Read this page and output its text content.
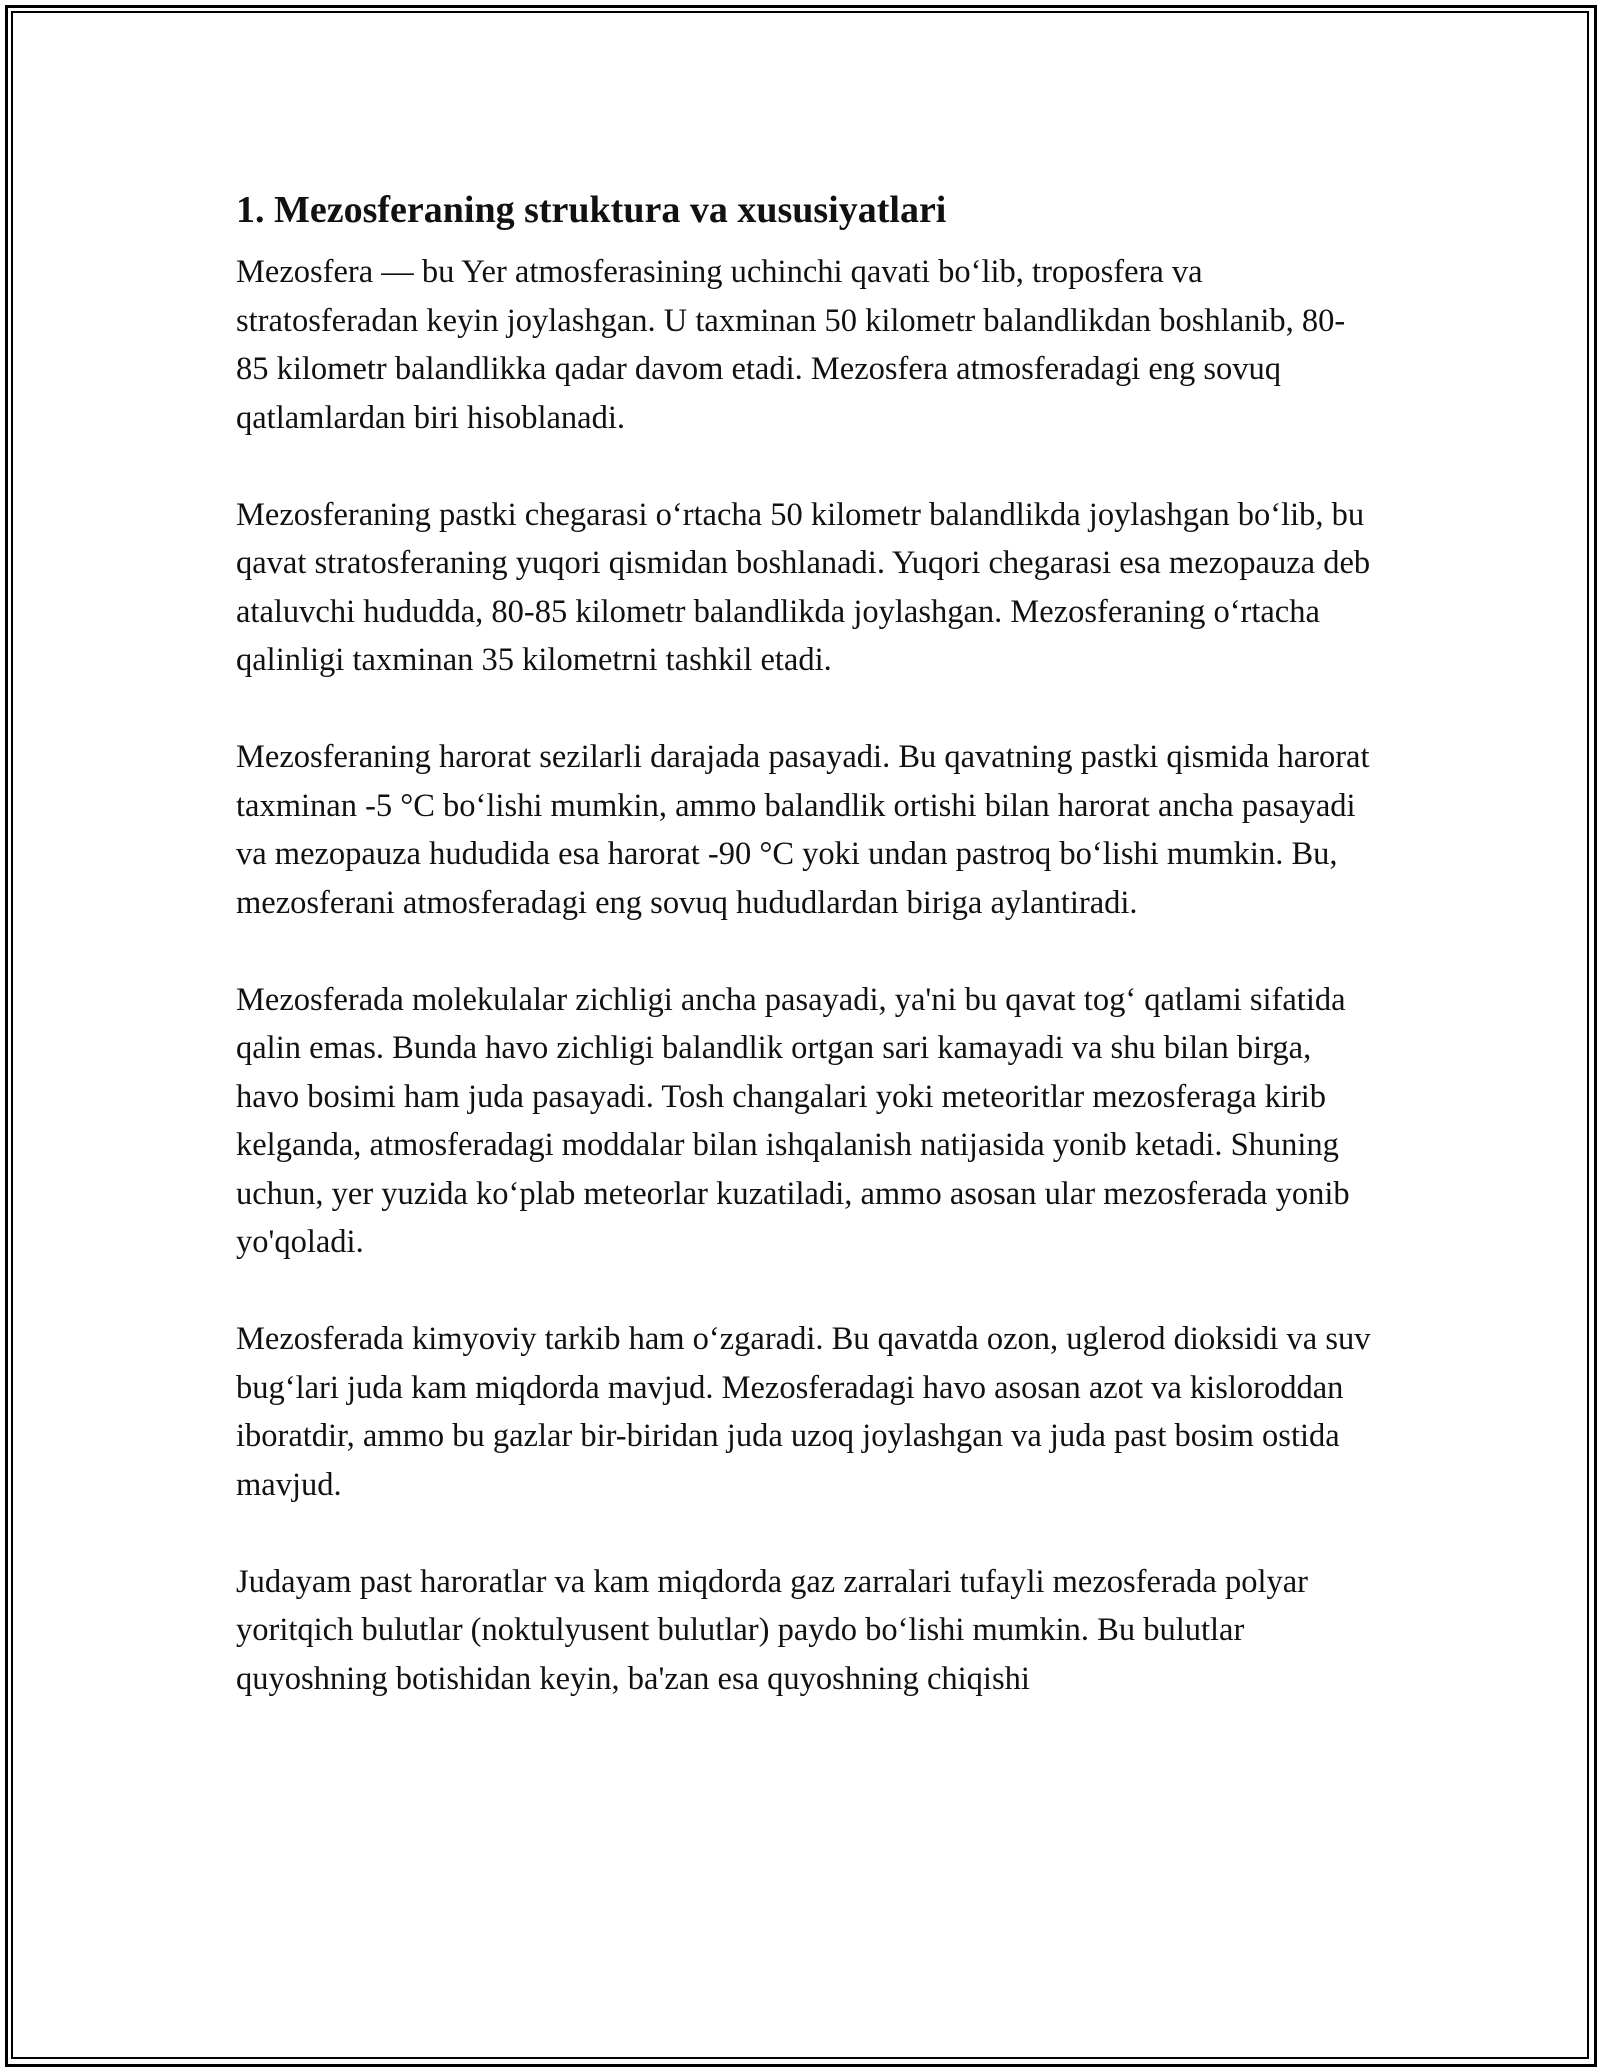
1. Mezosferaning struktura va xususiyatlari

Mezosfera — bu Yer atmosferasining uchinchi qavati bo‘lib, troposfera va stratosferadan keyin joylashgan. U taxminan 50 kilometr balandlikdan boshlanib, 80-85 kilometr balandlikka qadar davom etadi. Mezosfera atmosferadagi eng sovuq qatlamlardan biri hisoblanadi.

Mezosferaning pastki chegarasi o‘rtacha 50 kilometr balandlikda joylashgan bo‘lib, bu qavat stratosferaning yuqori qismidan boshlanadi. Yuqori chegarasi esa mezopauza deb ataluvchi hududda, 80-85 kilometr balandlikda joylashgan. Mezosferaning o‘rtacha qalinligi taxminan 35 kilometrni tashkil etadi.

Mezosferaning harorat sezilarli darajada pasayadi. Bu qavatning pastki qismida harorat taxminan -5 °C bo‘lishi mumkin, ammo balandlik ortishi bilan harorat ancha pasayadi va mezopauza hududida esa harorat -90 °C yoki undan pastroq bo‘lishi mumkin. Bu, mezosferani atmosferadagi eng sovuq hududlardan biriga aylantiradi.

Mezosferada molekulalar zichligi ancha pasayadi, ya'ni bu qavat tog‘ qatlami sifatida qalin emas. Bunda havo zichligi balandlik ortgan sari kamayadi va shu bilan birga, havo bosimi ham juda pasayadi. Tosh changalari yoki meteoritlar mezosferaga kirib kelganda, atmosferadagi moddalar bilan ishqalanish natijasida yonib ketadi. Shuning uchun, yer yuzida ko‘plab meteorlar kuzatiladi, ammo asosan ular mezosferada yonib yo'qoladi.

Mezosferada kimyoviy tarkib ham o‘zgaradi. Bu qavatda ozon, uglerod dioksidi va suv bug‘lari juda kam miqdorda mavjud. Mezosferadagi havo asosan azot va kisloroddan iboratdir, ammo bu gazlar bir-biridan juda uzoq joylashgan va juda past bosim ostida mavjud.

Judayam past haroratlar va kam miqdorda gaz zarralari tufayli mezosferada polyar yoritqich bulutlar (noktulyusent bulutlar) paydo bo‘lishi mumkin. Bu bulutlar quyoshning botishidan keyin, ba'zan esa quyoshning chiqishi
